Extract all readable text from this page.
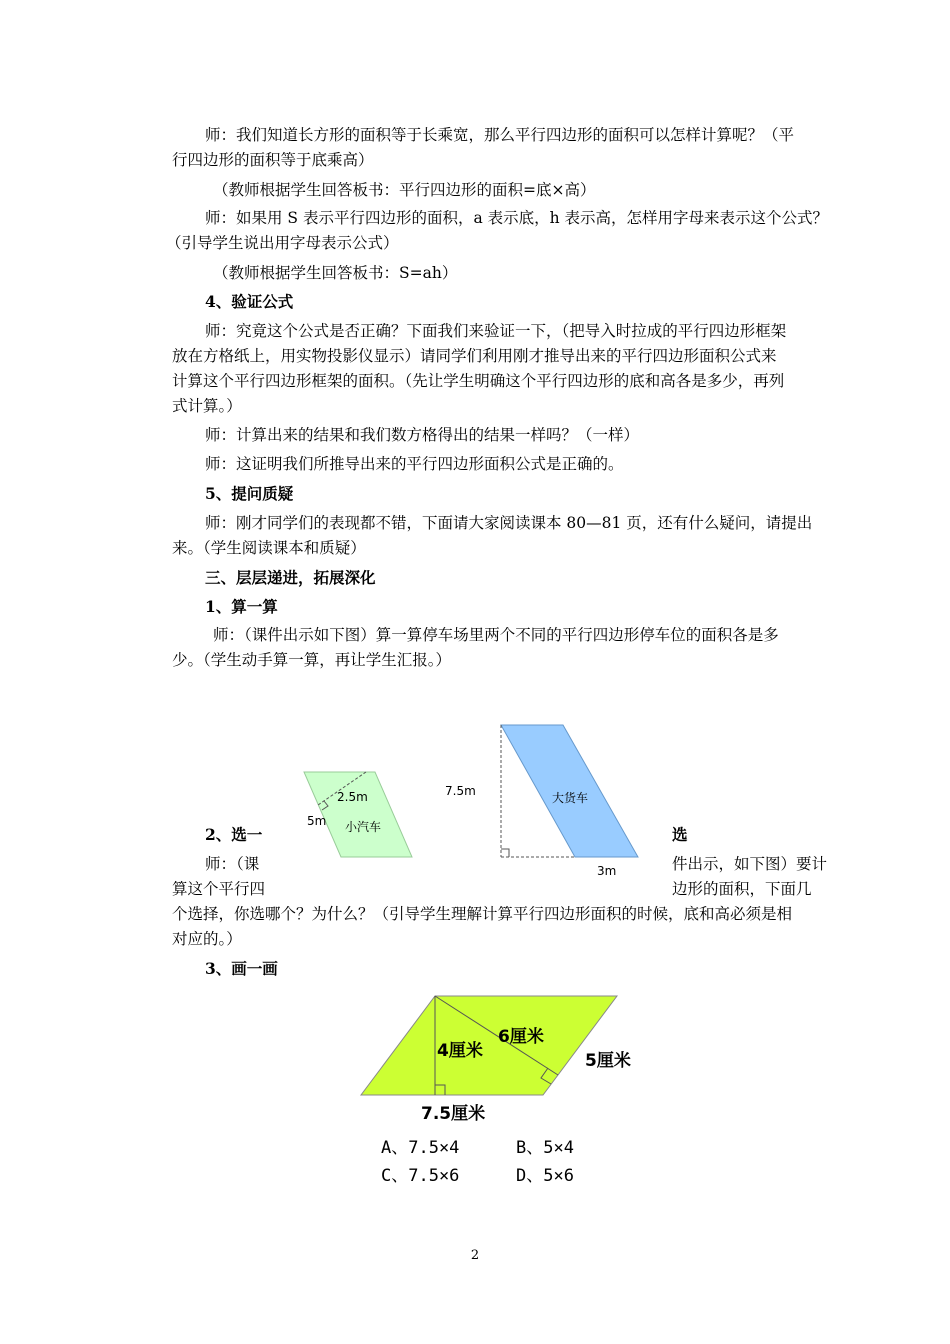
师：我们知道长方形的面积等于长乘宽，那么平行四边形的面积可以怎样计算呢？（平
行四边形的面积等于底乘高）
（教师根据学生回答板书：平行四边形的面积=底×高）
师：如果用 S 表示平行四边形的面积，a 表示底，h 表示高，怎样用字母来表示这个公式？
（引导学生说出用字母表示公式）
（教师根据学生回答板书：S=ah）
4、验证公式
师：究竟这个公式是否正确？下面我们来验证一下，（把导入时拉成的平行四边形框架
放在方格纸上，用实物投影仪显示）请同学们利用刚才推导出来的平行四边形面积公式来
计算这个平行四边形框架的面积。（先让学生明确这个平行四边形的底和高各是多少，再列
式计算。）
师：计算出来的结果和我们数方格得出的结果一样吗？（一样）
师：这证明我们所推导出来的平行四边形面积公式是正确的。
5、提问质疑
师：刚才同学们的表现都不错，下面请大家阅读课本 80—81 页，还有什么疑问，请提出
来。（学生阅读课本和质疑）
三、层层递进，拓展深化
1、算一算
师：（课件出示如下图）算一算停车场里两个不同的平行四边形停车位的面积各是多
少。（学生动手算一算，再让学生汇报。）
2.5m
5m 小汽车
7.5m	大货车
3m
2、选一	选
师：（课	件出示，如下图）要计
算这个平行四	边形的面积，下面几
个选择，你选哪个？为什么？（引导学生理解计算平行四边形面积的时候，底和高必须是相
对应的。）
3、画一画
4厘米
6厘米
5厘米
7.5厘米
A、7.5×4	B、5×4
C、7.5×6	D、5×6
2
